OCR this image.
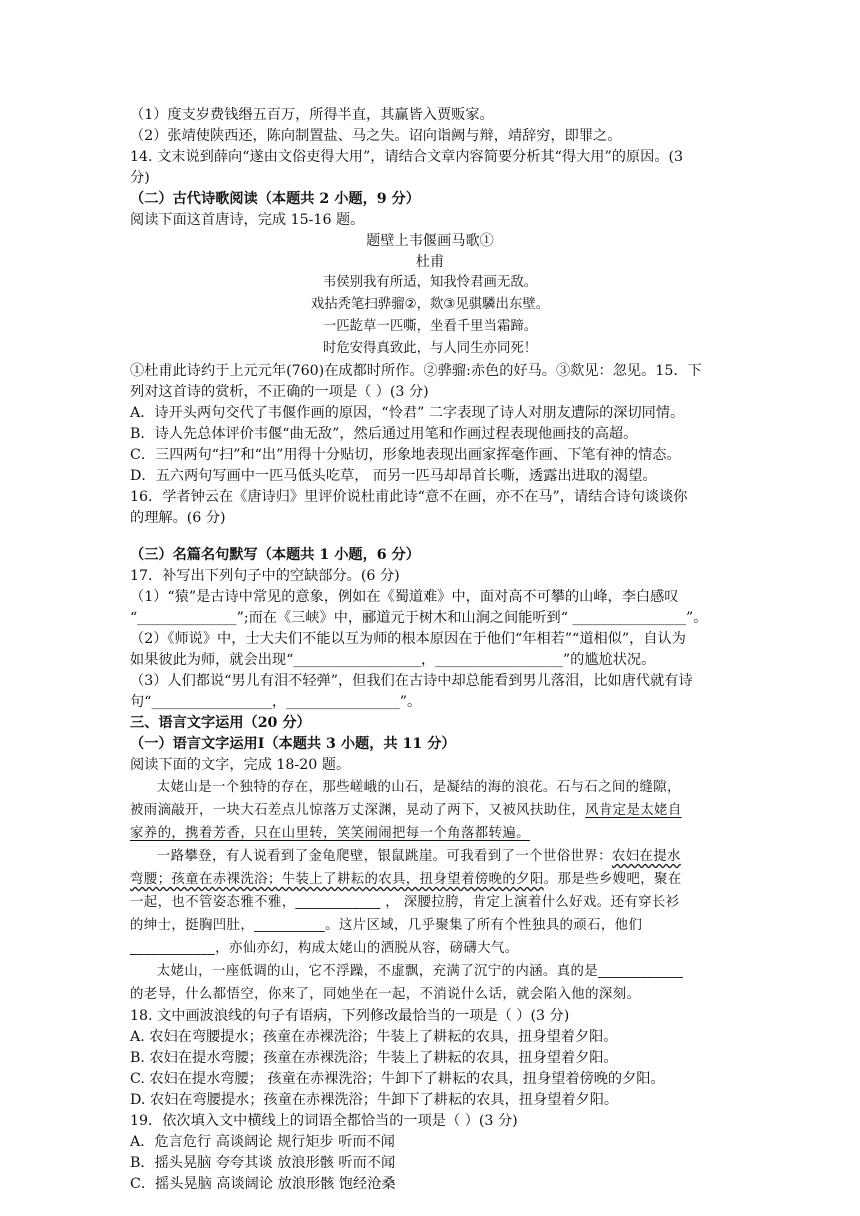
（1）度支岁费钱缗五百万，所得半直，其赢皆入贾贩家。
（2）张靖使陕西还，陈向制置盐、马之失。诏向诣阙与辩，靖辞穷，即罪之。
14. 文末说到薛向“遂由文俗吏得大用”，请结合文章内容简要分析其“得大用”的原因。(3
分)
（二）古代诗歌阅读（本题共 2 小题，9 分）
阅读下面这首唐诗，完成 15-16 题。
题壁上韦偃画马歌①
杜甫
韦侯别我有所适，知我怜君画无敌。
戏拈秃笔扫骅骝②，欻③见骐驎出东壁。
一匹龁草一匹嘶，坐看千里当霜蹄。
时危安得真致此，与人同生亦同死！
①杜甫此诗约于上元元年(760)在成都时所作。②骅骝:赤色的好马。③欻见：忽见。15．下
列对这首诗的赏析，不正确的一项是（ ）(3 分)
A．诗开头两句交代了韦偃作画的原因，“怜君” 二字表现了诗人对朋友遭际的深切同情。
B．诗人先总体评价韦偃“曲无敌”，然后通过用笔和作画过程表现他画技的高超。
C．三四两句“扫”和“出”用得十分贴切，形象地表现出画家挥毫作画、下笔有神的情态。
D．五六两句写画中一匹马低头吃草， 而另一匹马却昂首长嘶，透露出进取的渴望。
16．学者钟云在《唐诗归》里评价说杜甫此诗“意不在画，亦不在马”，请结合诗句谈谈你
的理解。(6 分)
（三）名篇名句默写（本题共 1 小题，6 分）
17．补写出下列句子中的空缺部分。(6 分)
（1）“猿”是古诗中常见的意象，例如在《蜀道难》中，面对高不可攀的山峰，李白感叹
“______________”;而在《三峡》中，郦道元于树木和山涧之间能听到“ ________________”。
（2）《师说》中，士大夫们不能以互为师的根本原因在于他们“年相若”“道相似”，自认为
如果彼此为师，就会出现“__________________，__________________”的尴尬状况。
（3）人们都说“男儿有泪不轻弹”，但我们在古诗中却总能看到男儿落泪，比如唐代就有诗
句“_________________，________________”。
三、语言文字运用（20 分）
（一）语言文字运用Ⅰ（本题共 3 小题，共 11 分）
阅读下面的文字，完成 18-20 题。
太姥山是一个独特的存在，那些嵯峨的山石，是凝结的海的浪花。石与石之间的缝隙，
被雨滴敲开，一块大石差点儿惊落万丈深渊，晃动了两下，又被风扶助住，风肯定是太姥自
家养的，携着芳香，只在山里转，笑笑闹闹把每一个角落都转遍。
一路攀登，有人说看到了金龟爬壁，银鼠跳崖。可我看到了一个世俗世界：农妇在提水
弯腰；孩童在赤裸洗浴；牛装上了耕耘的农具，扭身望着傍晚的夕阳。那是些乡嫂吧，聚在
一起，也不管姿态雅不雅，____________ ， 深腰拉胯，肯定上演着什么好戏。还有穿长衫
的绅士，挺胸凹肚，__________。这片区域，几乎聚集了所有个性独具的顽石，他们
____________，亦仙亦幻，构成太姥山的洒脱从容，磅礴大气。
太姥山，一座低调的山，它不浮躁，不虚飘，充满了沉宁的内涵。真的是____________
的老导，什么都悟空，你来了，同她坐在一起，不消说什么话，就会陷入他的深刻。
18. 文中画波浪线的句子有语病，下列修改最恰当的一项是（ ）(3 分)
A. 农妇在弯腰提水；孩童在赤裸洗浴；牛装上了耕耘的农具，扭身望着夕阳。
B. 农妇在提水弯腰；孩童在赤裸洗浴；牛装上了耕耘的农具，扭身望着夕阳。
C. 农妇在提水弯腰； 孩童在赤裸洗浴；牛卸下了耕耘的农具，扭身望着傍晚的夕阳。
D. 农妇在弯腰提水；孩童在赤裸洗浴；牛卸下了耕耘的农具，扭身望着夕阳。
19．依次填入文中横线上的词语全都恰当的一项是（ ）(3 分)
A．危言危行 高谈阔论 规行矩步 听而不闻
B．摇头晃脑 夸夸其谈 放浪形骸 听而不闻
C．摇头晃脑 高谈阔论 放浪形骸 饱经沧桑
